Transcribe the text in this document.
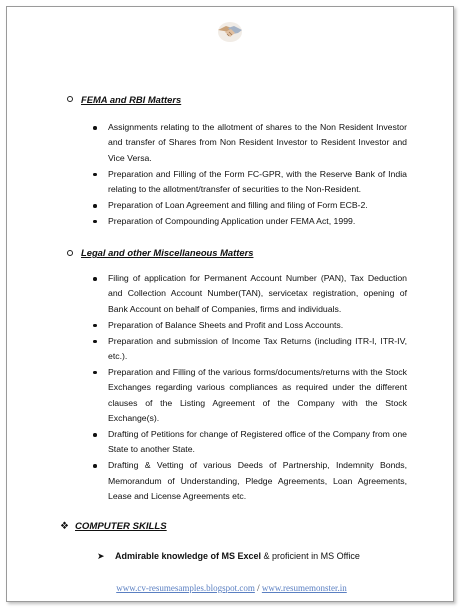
FEMA and RBI Matters
Assignments relating to the allotment of shares to the Non Resident Investor and transfer of Shares from Non Resident Investor to Resident Investor and Vice Versa.
Preparation and Filling of the Form FC-GPR, with the Reserve Bank of India relating to the allotment/transfer of securities to the Non-Resident.
Preparation of Loan Agreement and filling and filing of Form ECB-2.
Preparation of Compounding Application under FEMA Act, 1999.
Legal and other Miscellaneous Matters
Filing of application for Permanent Account Number (PAN), Tax Deduction and Collection Account Number(TAN), servicetax registration, opening of Bank Account on behalf of Companies, firms and individuals.
Preparation of Balance Sheets and Profit and Loss Accounts.
Preparation and submission of Income Tax Returns (including ITR-I, ITR-IV, etc.).
Preparation and Filling of the various forms/documents/returns with the Stock Exchanges regarding various compliances as required under the different clauses of the Listing Agreement of the Company with the Stock Exchange(s).
Drafting of Petitions for change of Registered office of the Company from one State to another State.
Drafting & Vetting of various Deeds of Partnership, Indemnity Bonds, Memorandum of Understanding, Pledge Agreements, Loan Agreements, Lease and License Agreements etc.
❖ COMPUTER SKILLS
➤ Admirable knowledge of MS Excel & proficient in MS Office
www.cv-resumesamples.blogspot.com / www.resumemonster.in
